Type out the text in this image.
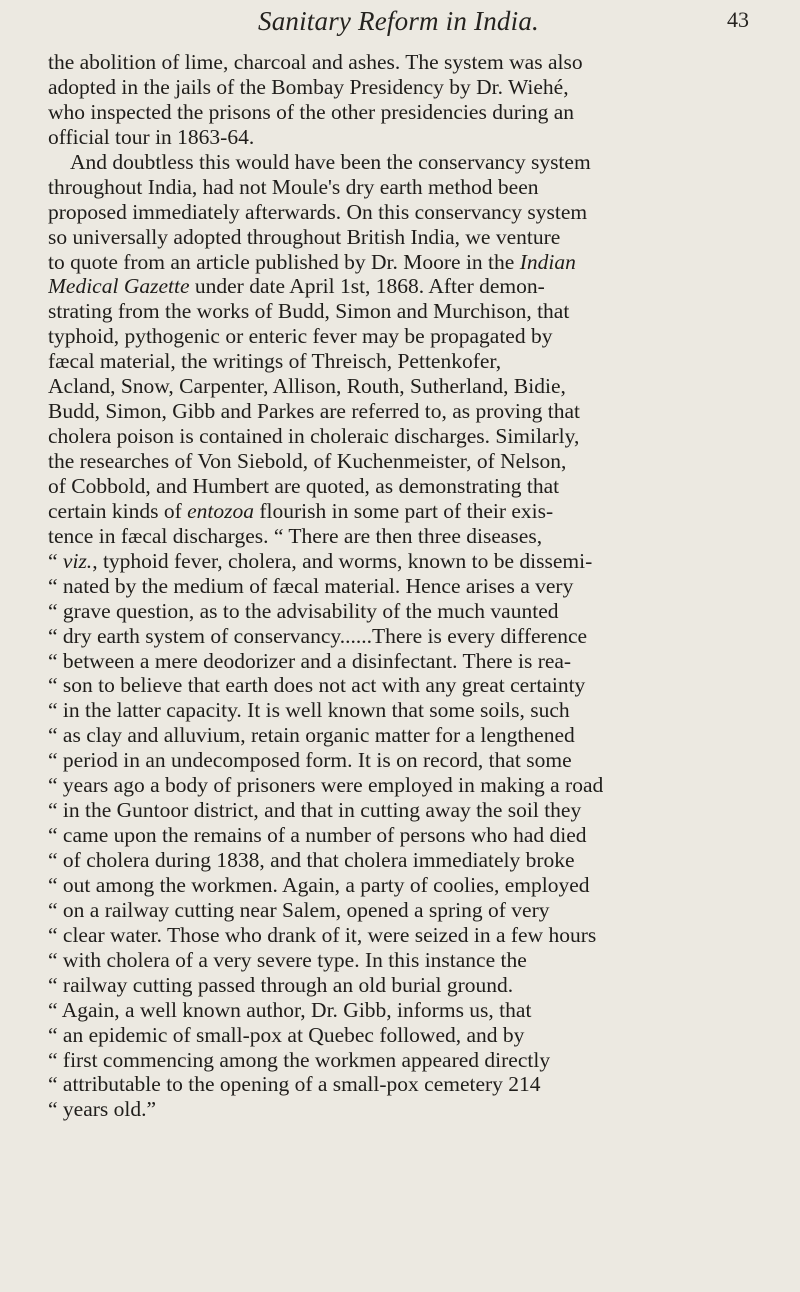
Sanitary Reform in India.	43
the abolition of lime, charcoal and ashes. The system was also
adopted in the jails of the Bombay Presidency by Dr. Wiehé,
who inspected the prisons of the other presidencies during an
official tour in 1863-64.
And doubtless this would have been the conservancy system
throughout India, had not Moule's dry earth method been
proposed immediately afterwards. On this conservancy system
so universally adopted throughout British India, we venture
to quote from an article published by Dr. Moore in the Indian
Medical Gazette under date April 1st, 1868. After demon-
strating from the works of Budd, Simon and Murchison, that
typhoid, pythogenic or enteric fever may be propagated by
fæcal material, the writings of Threisch, Pettenkofer,
Acland, Snow, Carpenter, Allison, Routh, Sutherland, Bidie,
Budd, Simon, Gibb and Parkes are referred to, as proving that
cholera poison is contained in choleraic discharges. Similarly,
the researches of Von Siebold, of Kuchenmeister, of Nelson,
of Cobbold, and Humbert are quoted, as demonstrating that
certain kinds of entozoa flourish in some part of their exis-
tence in fæcal discharges. “ There are then three diseases,
“ viz., typhoid fever, cholera, and worms, known to be dissemi-
“ nated by the medium of fæcal material. Hence arises a very
“ grave question, as to the advisability of the much vaunted
“ dry earth system of conservancy......There is every difference
“ between a mere deodorizer and a disinfectant. There is rea-
“ son to believe that earth does not act with any great certainty
“ in the latter capacity. It is well known that some soils, such
“ as clay and alluvium, retain organic matter for a lengthened
“ period in an undecomposed form. It is on record, that some
“ years ago a body of prisoners were employed in making a road
“ in the Guntoor district, and that in cutting away the soil they
“ came upon the remains of a number of persons who had died
“ of cholera during 1838, and that cholera immediately broke
“ out among the workmen. Again, a party of coolies, employed
“ on a railway cutting near Salem, opened a spring of very
“ clear water. Those who drank of it, were seized in a few hours
“ with cholera of a very severe type. In this instance the
“ railway cutting passed through an old burial ground.
“ Again, a well known author, Dr. Gibb, informs us, that
“ an epidemic of small-pox at Quebec followed, and by
“ first commencing among the workmen appeared directly
“ attributable to the opening of a small-pox cemetery 214
“ years old.”
